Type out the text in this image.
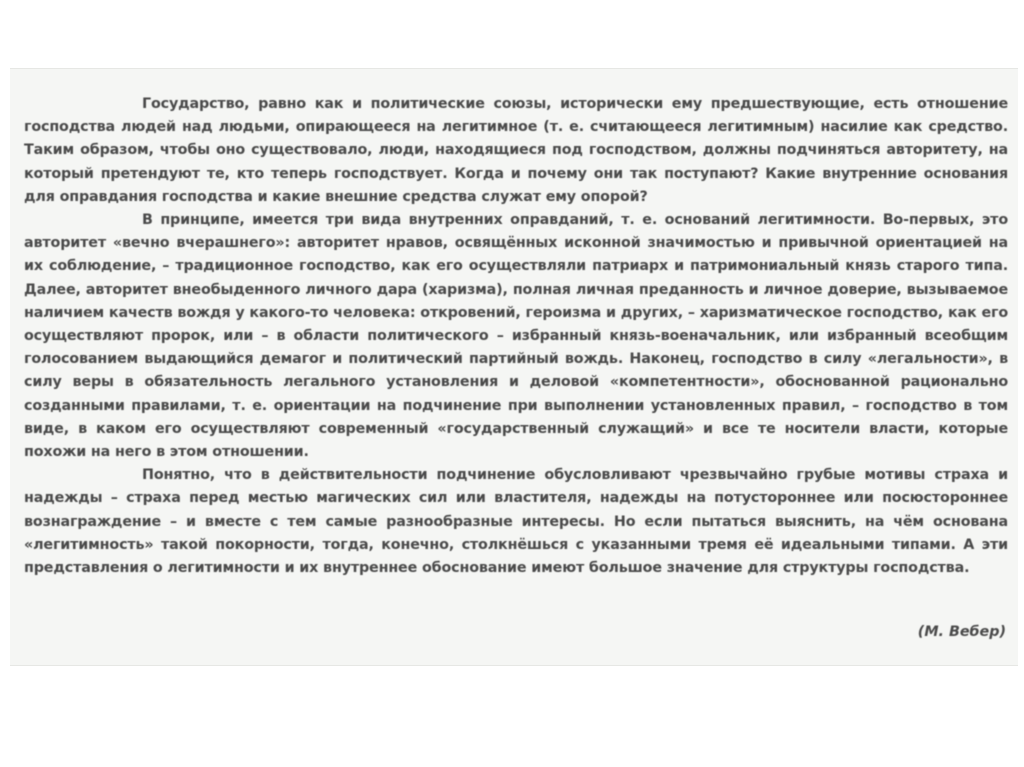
Государство, равно как и политические союзы, исторически ему предшествующие, есть отношение господства людей над людьми, опирающееся на легитимное (т. е. считающееся легитимным) насилие как средство. Таким образом, чтобы оно существовало, люди, находящиеся под господством, должны подчиняться авторитету, на который претендуют те, кто теперь господствует. Когда и почему они так поступают? Какие внутренние основания для оправдания господства и какие внешние средства служат ему опорой?

В принципе, имеется три вида внутренних оправданий, т. е. оснований легитимности. Во-первых, это авторитет «вечно вчерашнего»: авторитет нравов, освящённых исконной значимостью и привычной ориентацией на их соблюдение, – традиционное господство, как его осуществляли патриарх и патримониальный князь старого типа. Далее, авторитет внеобыденного личного дара (харизма), полная личная преданность и личное доверие, вызываемое наличием качеств вождя у какого-то человека: откровений, героизма и других, – харизматическое господство, как его осуществляют пророк, или – в области политического – избранный князь-военачальник, или избранный всеобщим голосованием выдающийся демагог и политический партийный вождь. Наконец, господство в силу «легальности», в силу веры в обязательность легального установления и деловой «компетентности», обоснованной рационально созданными правилами, т. е. ориентации на подчинение при выполнении установленных правил, – господство в том виде, в каком его осуществляют современный «государственный служащий» и все те носители власти, которые похожи на него в этом отношении.

Понятно, что в действительности подчинение обусловливают чрезвычайно грубые мотивы страха и надежды – страха перед местью магических сил или властителя, надежды на потустороннее или посюстороннее вознаграждение – и вместе с тем самые разнообразные интересы. Но если пытаться выяснить, на чём основана «легитимность» такой покорности, тогда, конечно, столкнёшься с указанными тремя её идеальными типами. А эти представления о легитимности и их внутреннее обоснование имеют большое значение для структуры господства.

(М. Вебер)
